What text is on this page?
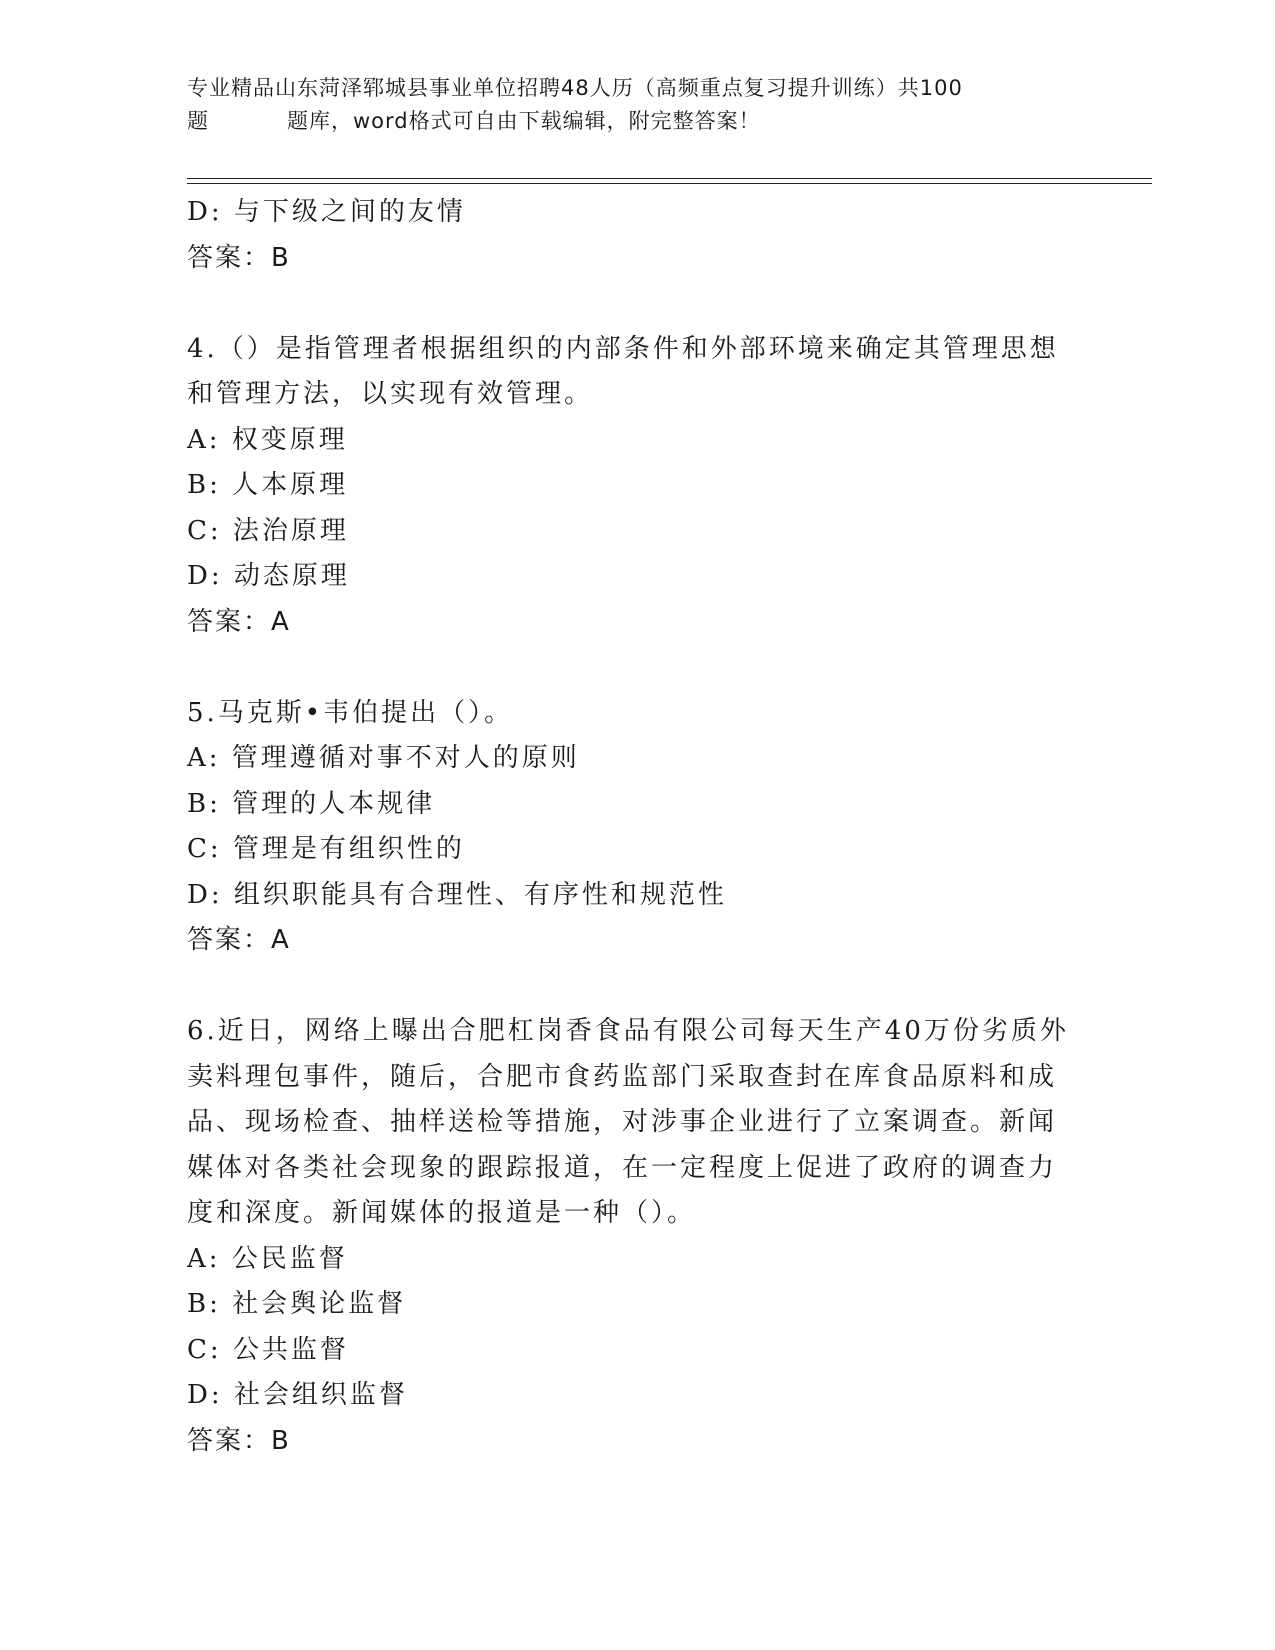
专业精品山东菏泽郓城县事业单位招聘48人历（高频重点复习提升训练）共100
题	题库，word格式可自由下载编辑，附完整答案！
D: 与下级之间的友情
答案：B
4.（）是指管理者根据组织的内部条件和外部环境来确定其管理思想
和管理方法，以实现有效管理。
A: 权变原理
B: 人本原理
C: 法治原理
D: 动态原理
答案：A
5.马克斯•韦伯提出（）。
A: 管理遵循对事不对人的原则
B: 管理的人本规律
C: 管理是有组织性的
D: 组织职能具有合理性、有序性和规范性
答案：A
6.近日，网络上曝出合肥杠岗香食品有限公司每天生产40万份劣质外
卖料理包事件，随后，合肥市食药监部门采取查封在库食品原料和成
品、现场检查、抽样送检等措施，对涉事企业进行了立案调查。新闻
媒体对各类社会现象的跟踪报道，在一定程度上促进了政府的调查力
度和深度。新闻媒体的报道是一种（）。
A: 公民监督
B: 社会舆论监督
C: 公共监督
D: 社会组织监督
答案：B
